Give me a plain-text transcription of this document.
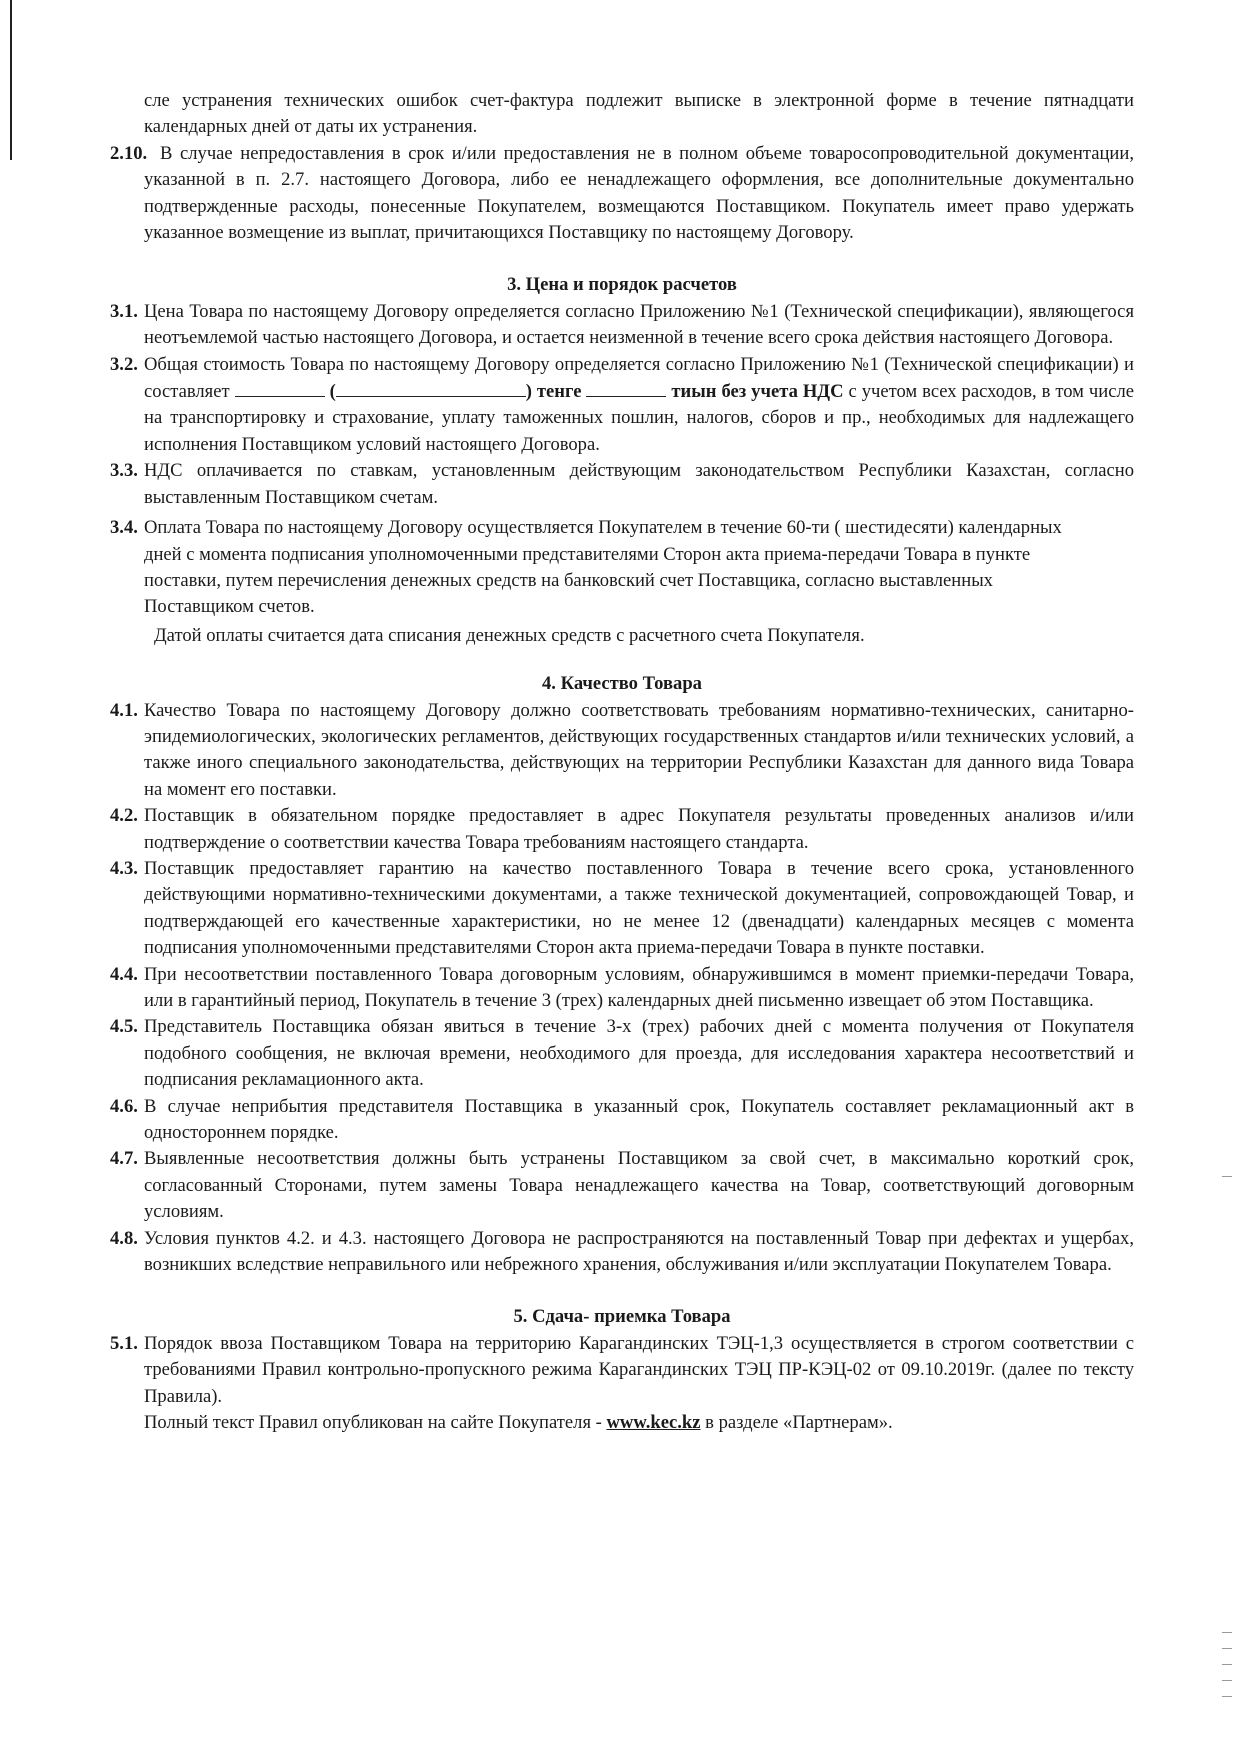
сле устранения технических ошибок счет-фактура подлежит выписке в электронной форме в течение пятнадцати календарных дней от даты их устранения.

2.10. В случае непредоставления в срок и/или предоставления не в полном объеме товаросопроводительной документации, указанной в п. 2.7. настоящего Договора, либо ее ненадлежащего оформления, все дополнительные документально подтвержденные расходы, понесенные Покупателем, возмещаются Поставщиком. Покупатель имеет право удержать указанное возмещение из выплат, причитающихся Поставщику по настоящему Договору.
3. Цена и порядок расчетов
3.1. Цена Товара по настоящему Договору определяется согласно Приложению №1 (Технической спецификации), являющегося неотъемлемой частью настоящего Договора, и остается неизменной в течение всего срока действия настоящего Договора.
3.2. Общая стоимость Товара по настоящему Договору определяется согласно Приложению №1 (Технической спецификации) и составляет	(	) тенге	тиын без учета НДС с учетом всех расходов, в том числе на транспортировку и страхование, уплату таможенных пошлин, налогов, сборов и пр., необходимых для надлежащего исполнения Поставщиком условий настоящего Договора.
3.3. НДС оплачивается по ставкам, установленным действующим законодательством Республики Казахстан, согласно выставленным Поставщиком счетам.
3.4. Оплата Товара по настоящему Договору осуществляется Покупателем в течение 60-ти ( шестидесяти) календарных дней с момента подписания уполномоченными представителями Сторон акта приема-передачи Товара в пункте поставки, путем перечисления денежных средств на банковский счет Поставщика, согласно выставленных Поставщиком счетов.

Датой оплаты считается дата списания денежных средств с расчетного счета Покупателя.

4. Качество Товара
4.1. Качество Товара по настоящему Договору должно соответствовать требованиям нормативно-технических, санитарно-эпидемиологических, экологических регламентов, действующих государственных стандартов и/или технических условий, а также иного специального законодательства, действующих на территории Республики Казахстан для данного вида Товара на момент его поставки.
4.2. Поставщик в обязательном порядке предоставляет в адрес Покупателя результаты проведенных анализов и/или подтверждение о соответствии качества Товара требованиям настоящего стандарта.
4.3. Поставщик предоставляет гарантию на качество поставленного Товара в течение всего срока, установленного действующими нормативно-техническими документами, а также технической документацией, сопровождающей Товар, и подтверждающей его качественные характеристики, но не менее 12 (двенадцати) календарных месяцев с момента подписания уполномоченными представителями Сторон акта приема-передачи Товара в пункте поставки.
4.4. При несоответствии поставленного Товара договорным условиям, обнаружившимся в момент приемки-передачи Товара, или в гарантийный период, Покупатель в течение 3 (трех) календарных дней письменно извещает об этом Поставщика.
4.5. Представитель Поставщика обязан явиться в течение 3-х (трех) рабочих дней с момента получения от Покупателя подобного сообщения, не включая времени, необходимого для проезда, для исследования характера несоответствий и подписания рекламационного акта.
4.6. В случае неприбытия представителя Поставщика в указанный срок, Покупатель составляет рекламационный акт в одностороннем порядке.
4.7. Выявленные несоответствия должны быть устранены Поставщиком за свой счет, в максимально короткий срок, согласованный Сторонами, путем замены Товара ненадлежащего качества на Товар, соответствующий договорным условиям.
4.8. Условия пунктов 4.2. и 4.3. настоящего Договора не распространяются на поставленный Товар при дефектах и ущербах, возникших вследствие неправильного или небрежного хранения, обслуживания и/или эксплуатации Покупателем Товара.
5. Сдача- приемка Товара
5.1. Порядок ввоза Поставщиком Товара на территорию Карагандинских ТЭЦ-1,3 осуществляется в строгом соответствии с требованиями Правил контрольно-пропускного режима Карагандинских ТЭЦ ПР-КЭЦ-02 от 09.10.2019г. (далее по тексту Правила).

Полный текст Правил опубликован на сайте Покупателя - www.kec.kz в разделе «Партнерам».
